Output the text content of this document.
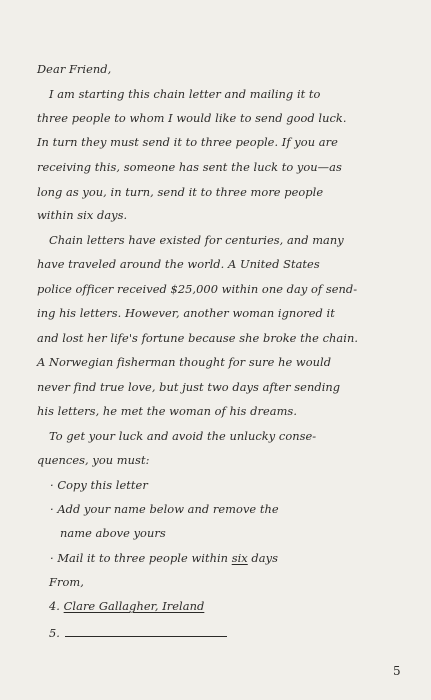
Dear Friend,
I am starting this chain letter and mailing it to
three people to whom I would like to send good luck.
In turn they must send it to three people. If you are
receiving this, someone has sent the luck to you—as
long as you, in turn, send it to three more people
within six days.
Chain letters have existed for centuries, and many
have traveled around the world. A United States
police officer received $25,000 within one day of send-
ing his letters. However, another woman ignored it
and lost her life's fortune because she broke the chain.
A Norwegian fisherman thought for sure he would
never find true love, but just two days after sending
his letters, he met the woman of his dreams.
To get your luck and avoid the unlucky conse-
quences, you must:
· Copy this letter
· Add your name below and remove the
name above yours
· Mail it to three people within six days
From,
4. Clare Gallagher, Ireland
5.
5
